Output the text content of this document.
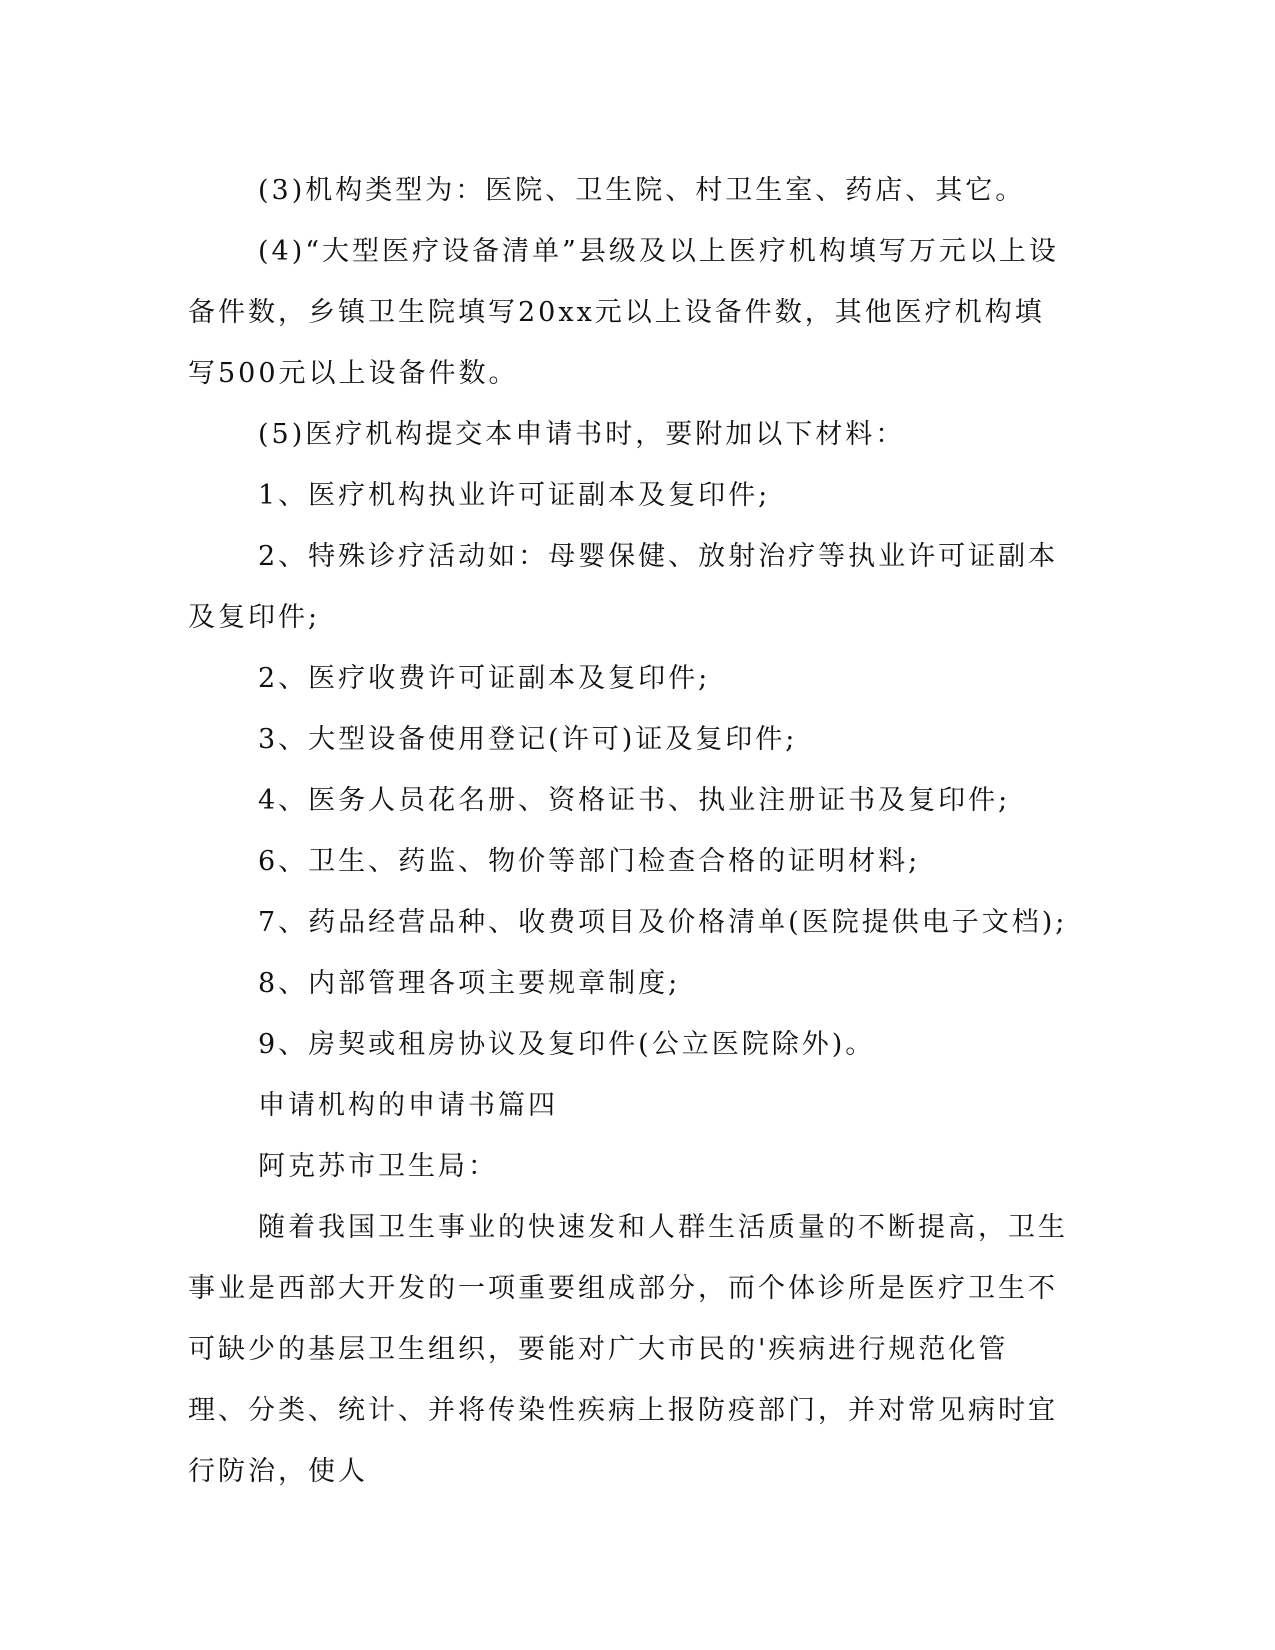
(3)机构类型为：医院、卫生院、村卫生室、药店、其它。

(4)“大型医疗设备清单”县级及以上医疗机构填写万元以上设备件数，乡镇卫生院填写20xx元以上设备件数，其他医疗机构填写500元以上设备件数。

(5)医疗机构提交本申请书时，要附加以下材料：

1、医疗机构执业许可证副本及复印件;

2、特殊诊疗活动如：母婴保健、放射治疗等执业许可证副本及复印件;

2、医疗收费许可证副本及复印件;

3、大型设备使用登记(许可)证及复印件;

4、医务人员花名册、资格证书、执业注册证书及复印件;

6、卫生、药监、物价等部门检查合格的证明材料;

7、药品经营品种、收费项目及价格清单(医院提供电子文档);

8、内部管理各项主要规章制度;

9、房契或租房协议及复印件(公立医院除外)。

申请机构的申请书篇四

阿克苏市卫生局：

随着我国卫生事业的快速发和人群生活质量的不断提高，卫生事业是西部大开发的一项重要组成部分，而个体诊所是医疗卫生不可缺少的基层卫生组织，要能对广大市民的'疾病进行规范化管理、分类、统计、并将传染性疾病上报防疫部门，并对常见病时宜行防治，使人
